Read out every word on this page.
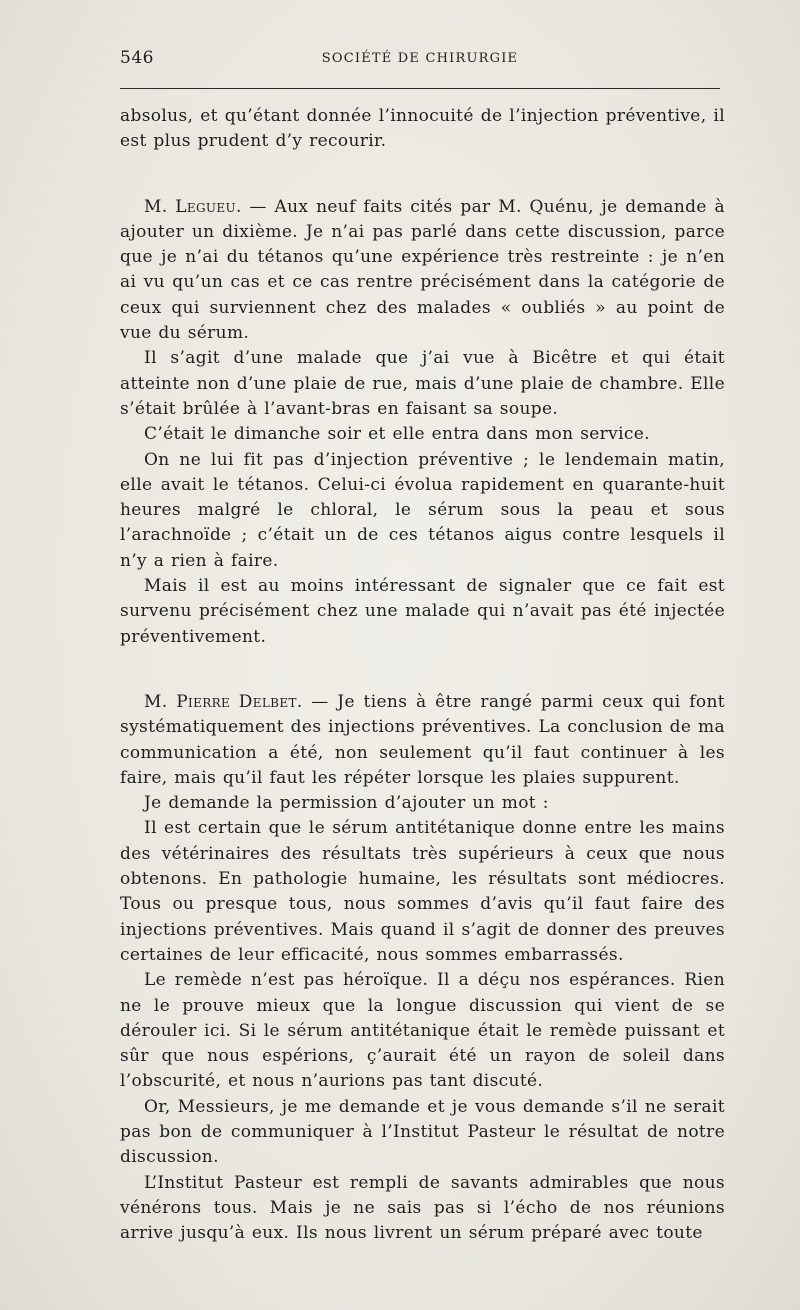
546	SOCIÉTÉ DE CHIRURGIE

absolus, et qu’étant donnée l’innocuité de l’injection préventive, il est plus prudent d’y recourir.

M. Legueu. — Aux neuf faits cités par M. Quénu, je demande à ajouter un dixième. Je n’ai pas parlé dans cette discussion, parce que je n’ai du tétanos qu’une expérience très restreinte : je n’en ai vu qu’un cas et ce cas rentre précisément dans la catégorie de ceux qui surviennent chez des malades « oubliés » au point de vue du sérum.

Il s’agit d’une malade que j’ai vue à Bicêtre et qui était atteinte non d’une plaie de rue, mais d’une plaie de chambre. Elle s’était brûlée à l’avant-bras en faisant sa soupe.

C’était le dimanche soir et elle entra dans mon service.

On ne lui fit pas d’injection préventive ; le lendemain matin, elle avait le tétanos. Celui-ci évolua rapidement en quarante-huit heures malgré le chloral, le sérum sous la peau et sous l’arachnoïde ; c’était un de ces tétanos aigus contre lesquels il n’y a rien à faire.

Mais il est au moins intéressant de signaler que ce fait est survenu précisément chez une malade qui n’avait pas été injectée préventivement.

M. Pierre Delbet. — Je tiens à être rangé parmi ceux qui font systématiquement des injections préventives. La conclusion de ma communication a été, non seulement qu’il faut continuer à les faire, mais qu’il faut les répéter lorsque les plaies suppurent.

Je demande la permission d’ajouter un mot :

Il est certain que le sérum antitétanique donne entre les mains des vétérinaires des résultats très supérieurs à ceux que nous obtenons. En pathologie humaine, les résultats sont médiocres. Tous ou presque tous, nous sommes d’avis qu’il faut faire des injections préventives. Mais quand il s’agit de donner des preuves certaines de leur efficacité, nous sommes embarrassés.

Le remède n’est pas héroïque. Il a déçu nos espérances. Rien ne le prouve mieux que la longue discussion qui vient de se dérouler ici. Si le sérum antitétanique était le remède puissant et sûr que nous espérions, ç’aurait été un rayon de soleil dans l’obscurité, et nous n’aurions pas tant discuté.

Or, Messieurs, je me demande et je vous demande s’il ne serait pas bon de communiquer à l’Institut Pasteur le résultat de notre discussion.

L’Institut Pasteur est rempli de savants admirables que nous vénérons tous. Mais je ne sais pas si l’écho de nos réunions arrive jusqu’à eux. Ils nous livrent un sérum préparé avec toute
